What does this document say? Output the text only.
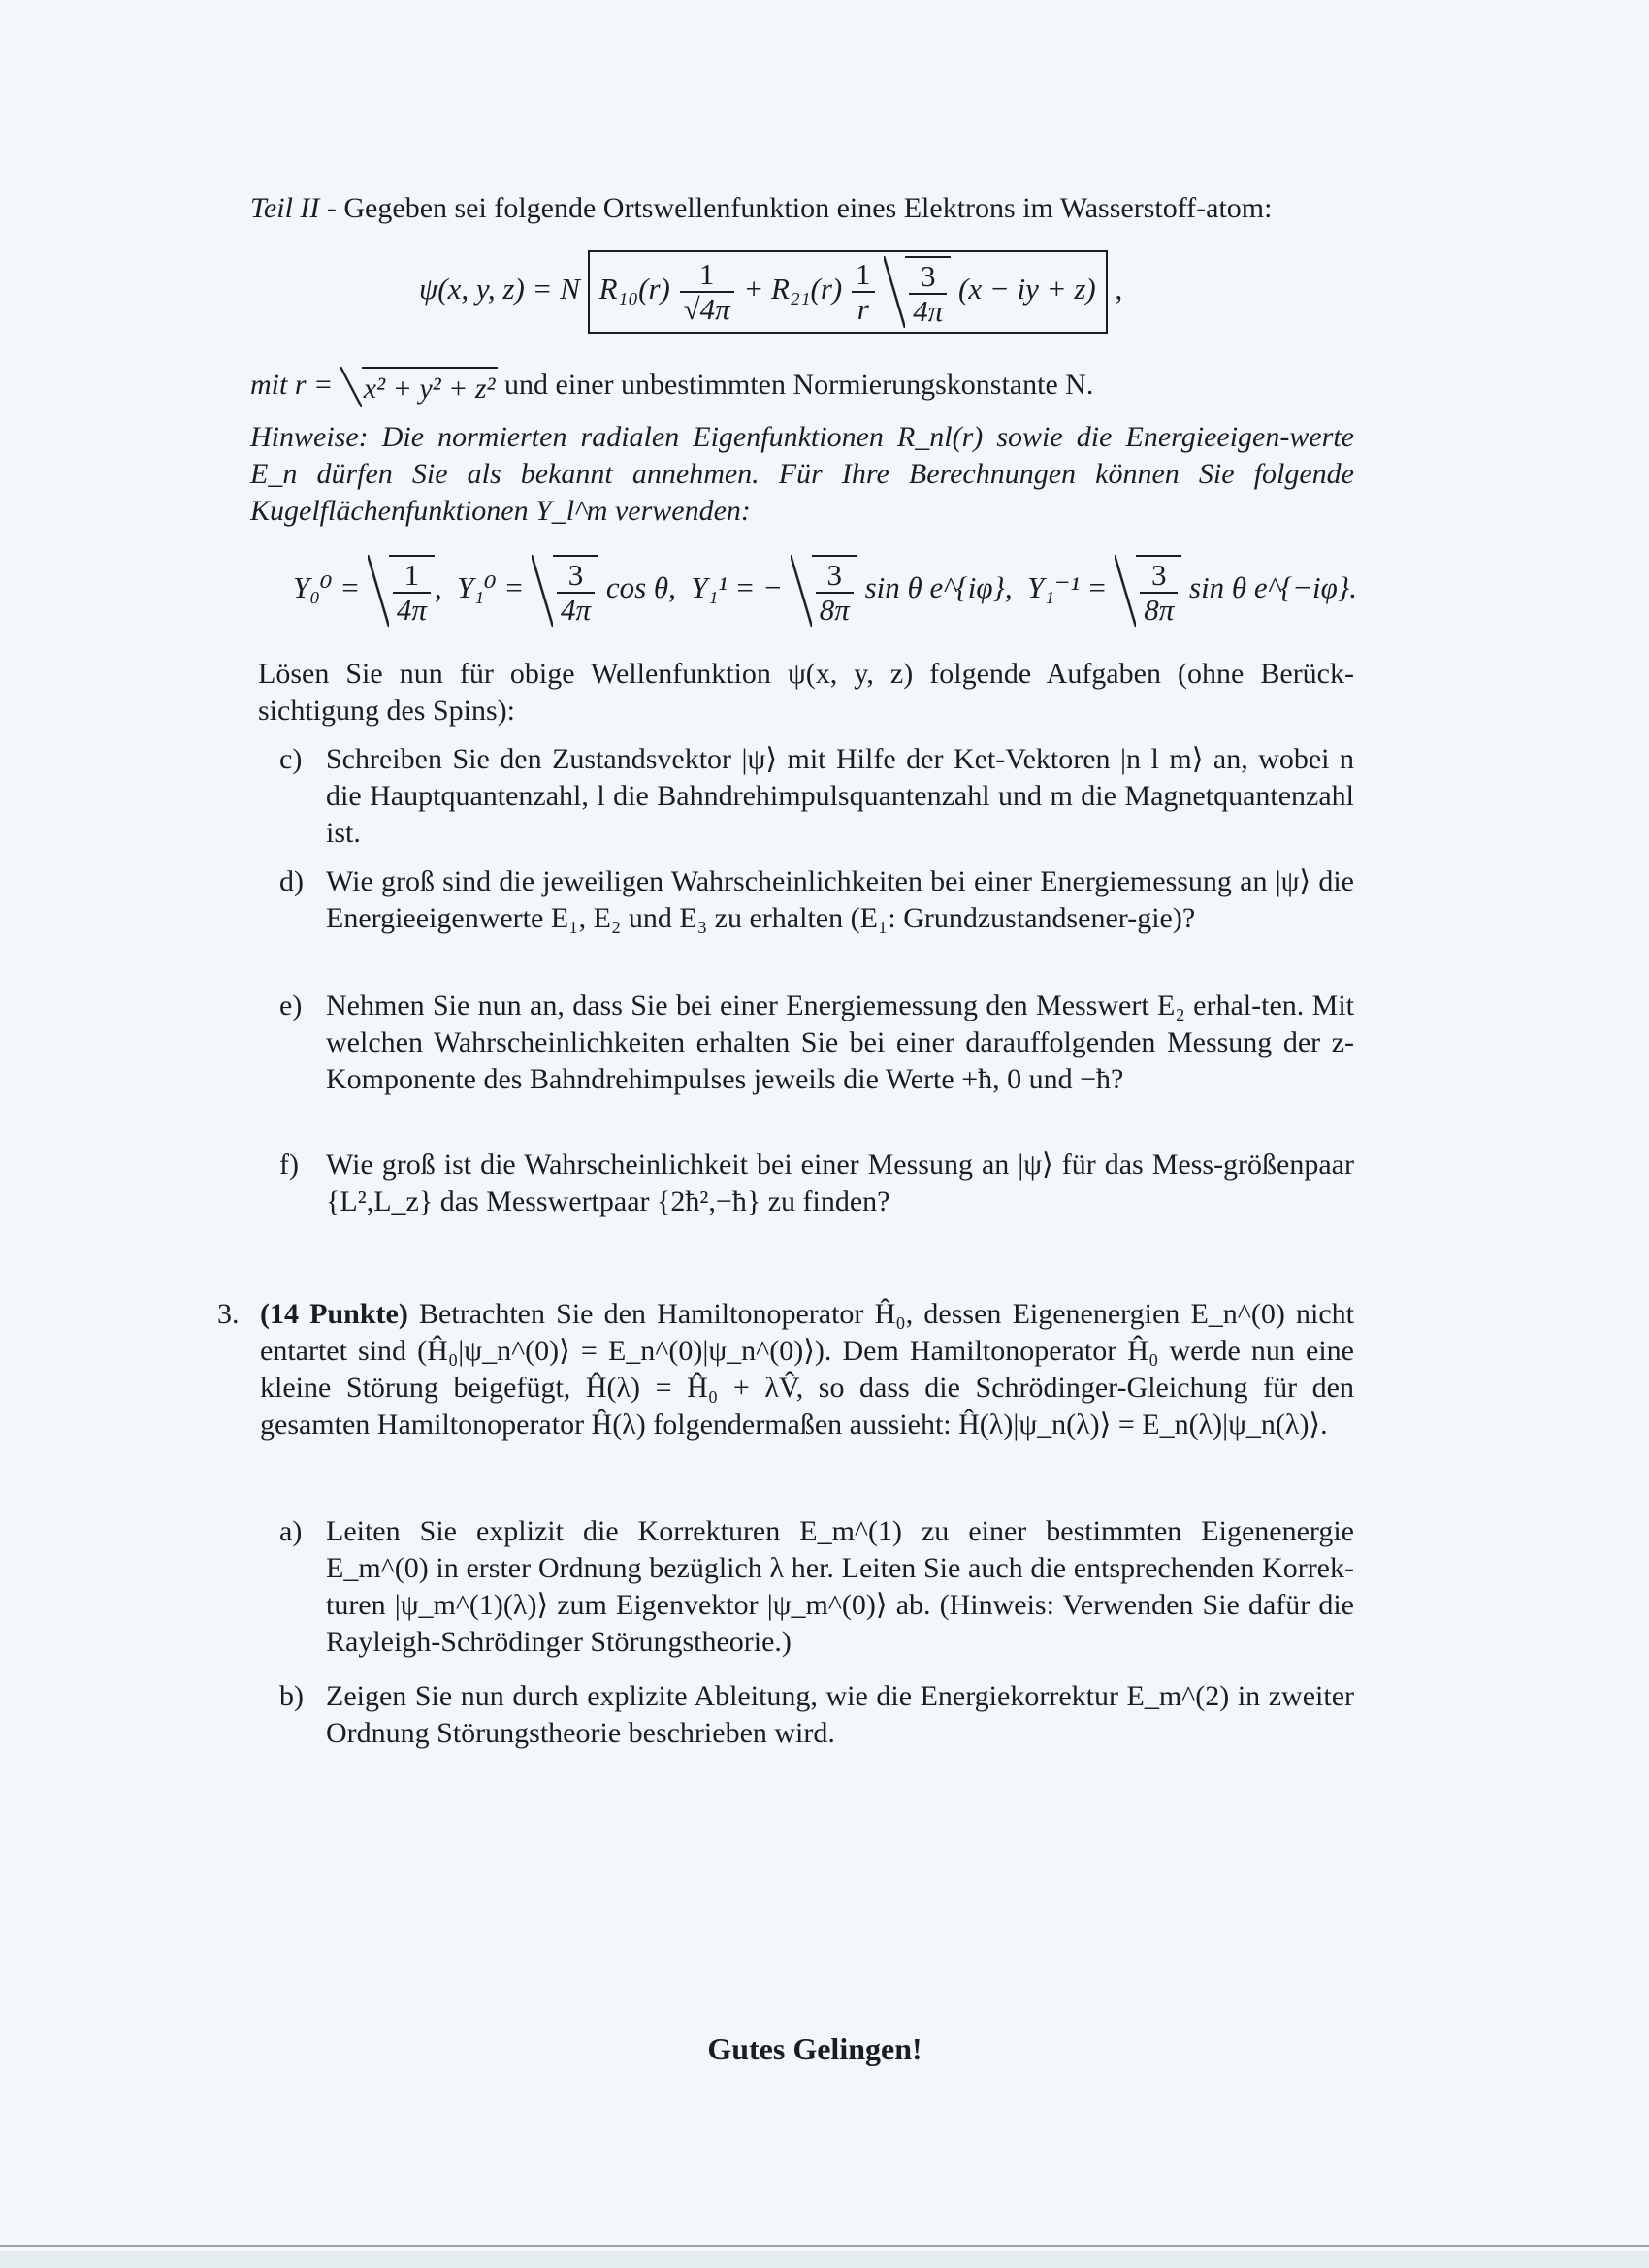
Teil II - Gegeben sei folgende Ortswellenfunktion eines Elektrons im Wasserstoff-atom:
ψ(x, y, z) = N $R_{10}(r) \frac{1}{√4\pi} + R_{21}(r) \frac{1}{r}$
$\frac{3}{4\pi} (x$ − iy + z) ,
mit r = x² + y² + z² und einer unbestimmten Normierungskonstante N.
Hinweise: Die normierten radialen Eigenfunktionen R_nl(r) sowie die Energieeigen-werte E_n dürfen Sie als bekannt annehmen. Für Ihre Berechnungen können Sie folgende Kugelflächenfunktionen Y_l^m verwenden:
$Y_0^0 = \frac{1}{4\pi}$ ,  $Y_1^0 = \frac{3}{4\pi}$ cos θ, Y₁¹ = − $\frac{3}{8\pi}$ sin θ e^{iφ}, $Y_1^{-1} = \frac{3}{8\pi}$ sin θ e^{−iφ}.
Lösen Sie nun für obige Wellenfunktion ψ(x, y, z) folgende Aufgaben (ohne Berück-sichtigung des Spins):
c) Schreiben Sie den Zustandsvektor |ψ⟩ mit Hilfe der Ket-Vektoren |n l m⟩ an, wobei n die Hauptquantenzahl, l die Bahndrehimpulsquantenzahl und m die Magnetquantenzahl ist.
d) Wie groß sind die jeweiligen Wahrscheinlichkeiten bei einer Energiemessung an |ψ⟩ die Energieeigenwerte E₁, E₂ und E₃ zu erhalten (E₁: Grundzustandsener-gie)?
e) Nehmen Sie nun an, dass Sie bei einer Energiemessung den Messwert E₂ erhal-ten. Mit welchen Wahrscheinlichkeiten erhalten Sie bei einer darauffolgenden Messung der z-Komponente des Bahndrehimpulses jeweils die Werte +ħ, 0 und −ħ?
f) Wie groß ist die Wahrscheinlichkeit bei einer Messung an |ψ⟩ für das Mess-größenpaar {L²,L_z} das Messwertpaar {2ħ²,−ħ} zu finden?
3. (14 Punkte) Betrachten Sie den Hamiltonoperator Ĥ₀, dessen Eigenenergien E_n^(0) nicht entartet sind (Ĥ₀|ψ_n^(0)⟩ = E_n^(0)|ψ_n^(0)⟩). Dem Hamiltonoperator Ĥ₀ werde nun eine kleine Störung beigefügt, Ĥ(λ) = Ĥ₀ + λV̂, so dass die Schrödinger-Gleichung für den gesamten Hamiltonoperator Ĥ(λ) folgendermaßen aussieht: Ĥ(λ)|ψ_n(λ)⟩ = E_n(λ)|ψ_n(λ)⟩.
a) Leiten Sie explizit die Korrekturen E_m^(1) zu einer bestimmten Eigenenergie E_m^(0) in erster Ordnung bezüglich λ her. Leiten Sie auch die entsprechenden Korrek-turen |ψ_m^(1)(λ)⟩ zum Eigenvektor |ψ_m^(0)⟩ ab. (Hinweis: Verwenden Sie dafür die Rayleigh-Schrödinger Störungstheorie.)
b) Zeigen Sie nun durch explizite Ableitung, wie die Energiekorrektur E_m^(2) in zweiter Ordnung Störungstheorie beschrieben wird.
Gutes Gelingen!
